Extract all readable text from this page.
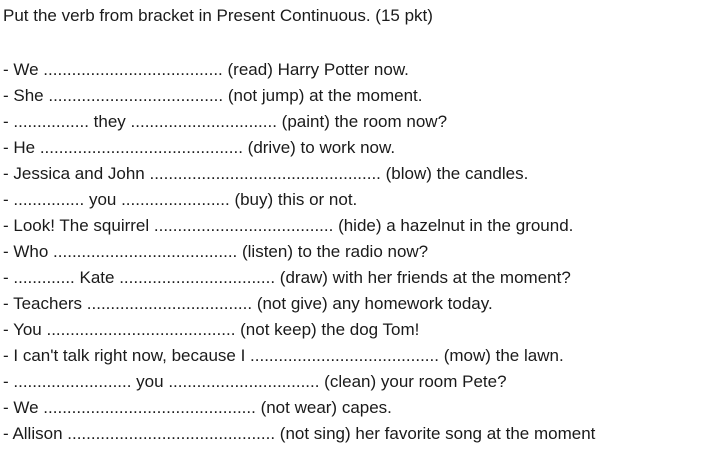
Put the verb from bracket in Present Continuous. (15 pkt)
- We ...................................... (read) Harry Potter now.
- She ..................................... (not jump) at the moment.
- ................ they ............................... (paint) the room now?
- He ........................................... (drive) to work now.
- Jessica and John ................................................. (blow) the candles.
- ............... you ....................... (buy) this or not.
- Look! The squirrel ...................................... (hide) a hazelnut in the ground.
- Who ....................................... (listen) to the radio now?
- ............. Kate ................................. (draw) with her friends at the moment?
- Teachers ................................... (not give) any homework today.
- You ........................................ (not keep) the dog Tom!
- I can't talk right now, because I ........................................ (mow) the lawn.
- ......................... you ................................ (clean) your room Pete?
- We ............................................. (not wear) capes.
- Allison ............................................ (not sing) her favorite song at the moment
